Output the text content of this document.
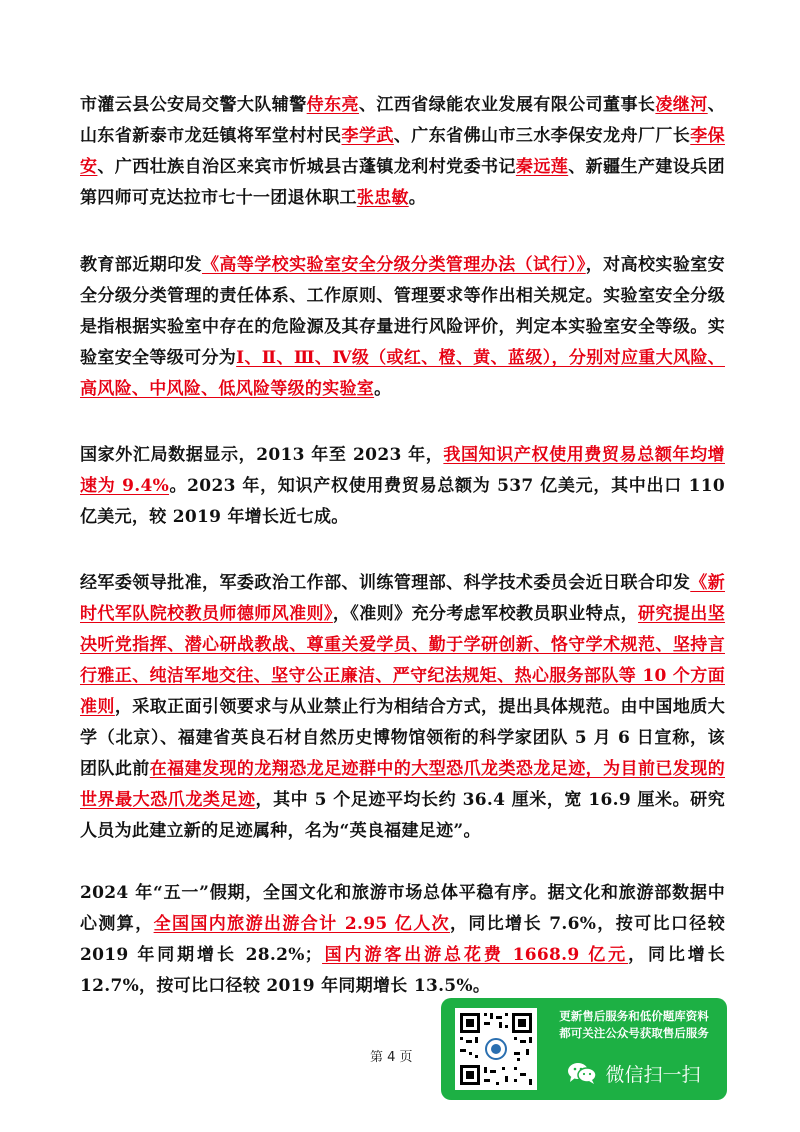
市灌云县公安局交警大队辅警侍东亮、江西省绿能农业发展有限公司董事长凌继河、山东省新泰市龙廷镇将军堂村村民李学武、广东省佛山市三水李保安龙舟厂厂长李保安、广西壮族自治区来宾市忻城县古蓬镇龙利村党委书记秦远莲、新疆生产建设兵团第四师可克达拉市七十一团退休职工张忠敏。
教育部近期印发《高等学校实验室安全分级分类管理办法（试行）》，对高校实验室安全分级分类管理的责任体系、工作原则、管理要求等作出相关规定。实验室安全分级是指根据实验室中存在的危险源及其存量进行风险评价，判定本实验室安全等级。实验室安全等级可分为Ⅰ、Ⅱ、Ⅲ、Ⅳ级（或红、橙、黄、蓝级），分别对应重大风险、高风险、中风险、低风险等级的实验室。
国家外汇局数据显示，2013 年至 2023 年，我国知识产权使用费贸易总额年均增速为 9.4%。2023 年，知识产权使用费贸易总额为 537 亿美元，其中出口 110 亿美元，较 2019 年增长近七成。
经军委领导批准，军委政治工作部、训练管理部、科学技术委员会近日联合印发《新时代军队院校教员师德师风准则》，《准则》充分考虑军校教员职业特点，研究提出坚决听党指挥、潜心研战教战、尊重关爱学员、勤于学研创新、恪守学术规范、坚持言行雅正、纯洁军地交往、坚守公正廉洁、严守纪法规矩、热心服务部队等 10 个方面准则，采取正面引领要求与从业禁止行为相结合方式，提出具体规范。由中国地质大学（北京）、福建省英良石材自然历史博物馆领衔的科学家团队 5 月 6 日宣称，该团队此前在福建发现的龙翔恐龙足迹群中的大型恐爪龙类恐龙足迹，为目前已发现的世界最大恐爪龙类足迹，其中 5 个足迹平均长约 36.4 厘米，宽 16.9 厘米。研究人员为此建立新的足迹属种，名为“英良福建足迹”。
2024 年“五一”假期，全国文化和旅游市场总体平稳有序。据文化和旅游部数据中心测算，全国国内旅游出游合计 2.95 亿人次，同比增长 7.6%，按可比口径较 2019 年同期增长 28.2%；国内游客出游总花费 1668.9 亿元，同比增长 12.7%，按可比口径较 2019 年同期增长 13.5%。
第 4 页
更新售后服务和低价题库资料
都可关注公众号获取售后服务
微信扫一扫
